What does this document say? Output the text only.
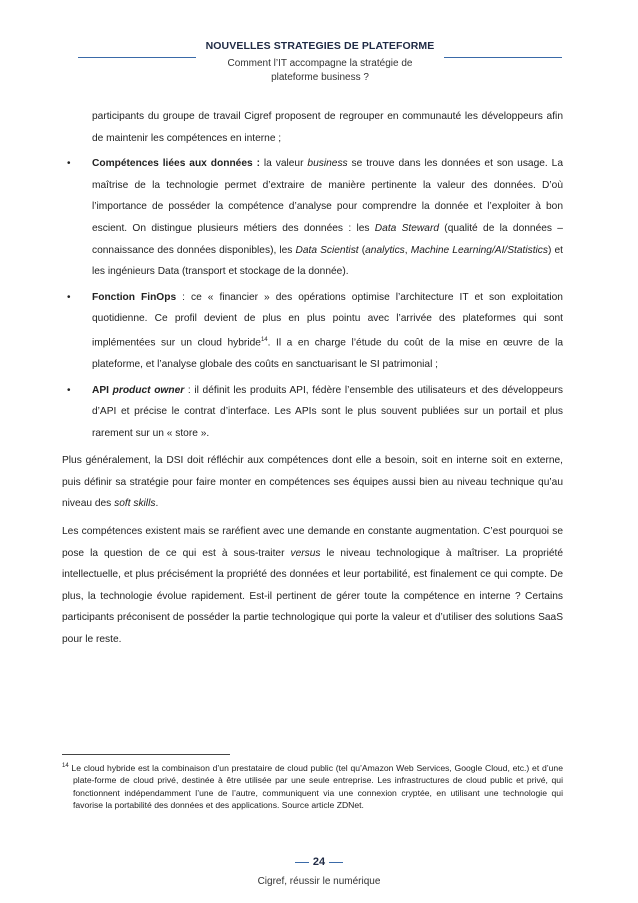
NOUVELLES STRATEGIES DE PLATEFORME
Comment l’IT accompagne la stratégie de
plateforme business ?

participants du groupe de travail Cigref proposent de regrouper en communauté les développeurs afin de maintenir les compétences en interne ;

• Compétences liées aux données : la valeur business se trouve dans les données et son usage. La maîtrise de la technologie permet d’extraire de manière pertinente la valeur des données. D’où l’importance de posséder la compétence d’analyse pour comprendre la donnée et l’exploiter à bon escient. On distingue plusieurs métiers des données : les Data Steward (qualité de la données – connaissance des données disponibles), les Data Scientist (analytics, Machine Learning/AI/Statistics) et les ingénieurs Data (transport et stockage de la donnée).
• Fonction FinOps : ce « financier » des opérations optimise l’architecture IT et son exploitation quotidienne. Ce profil devient de plus en plus pointu avec l’arrivée des plateformes qui sont implémentées sur un cloud hybride$^{14}$. Il a en charge l’étude du coût de la mise en œuvre de la plateforme, et l’analyse globale des coûts en sanctuarisant le SI patrimonial ;
• API product owner : il définit les produits API, fédère l’ensemble des utilisateurs et des développeurs d’API et précise le contrat d’interface. Les APIs sont le plus souvent publiées sur un portail et plus rarement sur un « store ».

Plus généralement, la DSI doit réfléchir aux compétences dont elle a besoin, soit en interne soit en externe, puis définir sa stratégie pour faire monter en compétences ses équipes aussi bien au niveau technique qu’au niveau des soft skills.

Les compétences existent mais se raréfient avec une demande en constante augmentation. C’est pourquoi se pose la question de ce qui est à sous-traiter versus le niveau technologique à maîtriser. La propriété intellectuelle, et plus précisément la propriété des données et leur portabilité, est finalement ce qui compte. De plus, la technologie évolue rapidement. Est-il pertinent de gérer toute la compétence en interne ? Certains participants préconisent de posséder la partie technologique qui porte la valeur et d’utiliser des solutions SaaS pour le reste.

$^{14}$ Le cloud hybride est la combinaison d’un prestataire de cloud public (tel qu’Amazon Web Services, Google Cloud, etc.) et d’une plate-forme de cloud privé, destinée à être utilisée par une seule entreprise. Les infrastructures de cloud public et privé, qui fonctionnent indépendamment l’une de l’autre, communiquent via une connexion cryptée, en utilisant une technologie qui favorise la portabilité des données et des applications. Source article ZDNet.
24
Cigref, réussir le numérique
